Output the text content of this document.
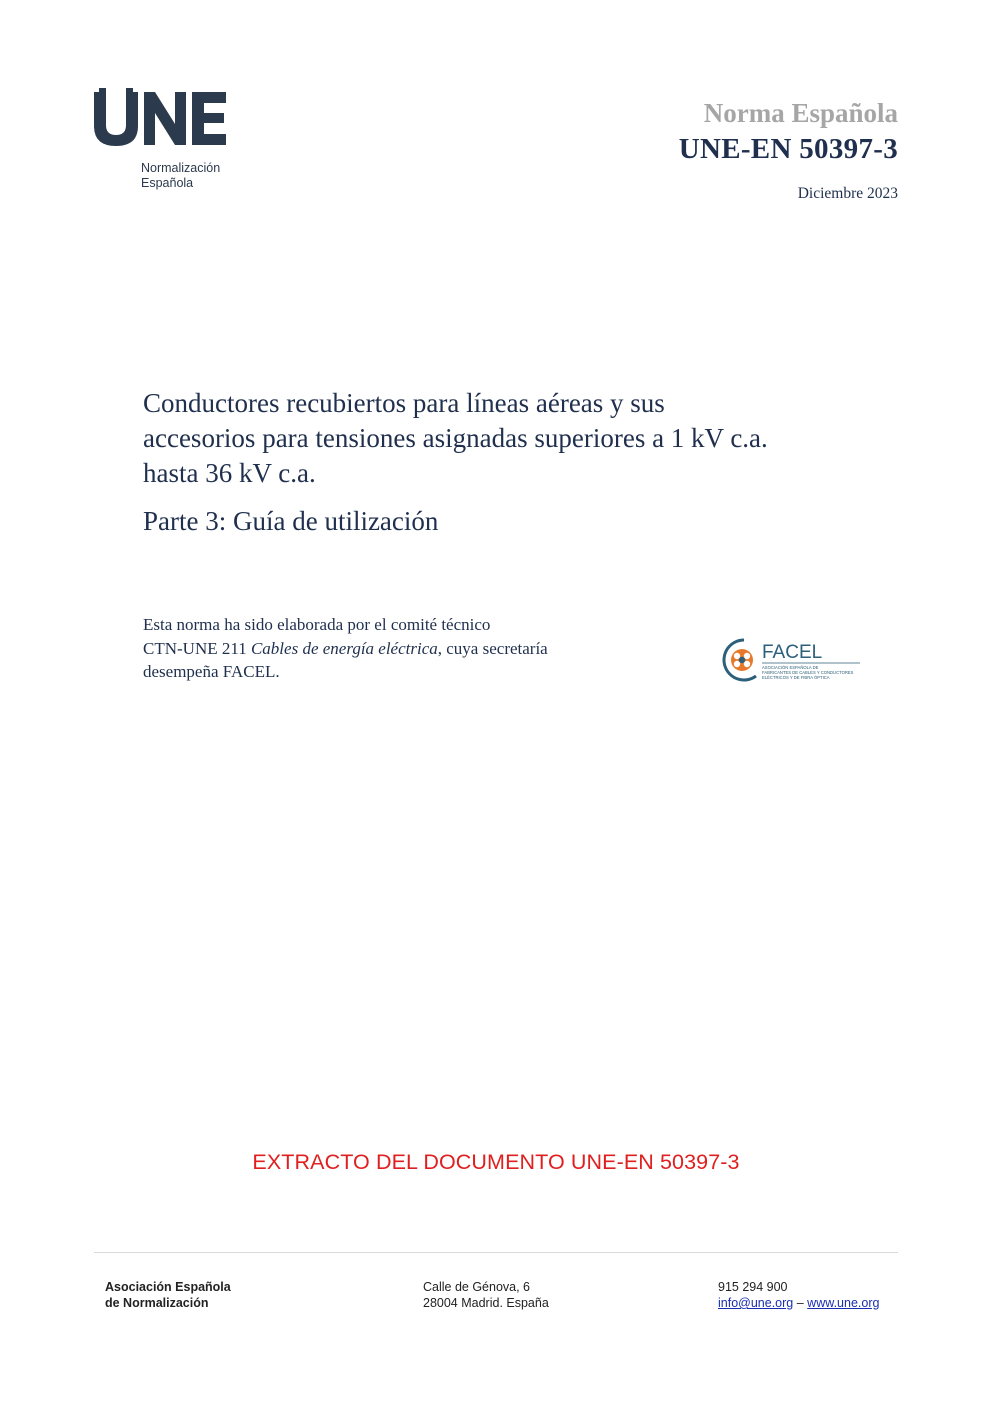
Normalización
Española
Norma Española
UNE-EN 50397-3
Diciembre 2023
Conductores recubiertos para líneas aéreas y sus
accesorios para tensiones asignadas superiores a 1 kV c.a.
hasta 36 kV c.a.
Parte 3: Guía de utilización
Esta norma ha sido elaborada por el comité técnico
CTN-UNE 211 Cables de energía eléctrica, cuya secretaría
desempeña FACEL.
FACEL
ASOCIACIÓN ESPAÑOLA DE
FABRICANTES DE CABLES Y CONDUCTORES
ELÉCTRICOS Y DE FIBRA ÓPTICA
EXTRACTO DEL DOCUMENTO UNE-EN 50397-3
Asociación Española
de Normalización
Calle de Génova, 6
28004 Madrid. España
915 294 900
info@une.org – www.une.org
